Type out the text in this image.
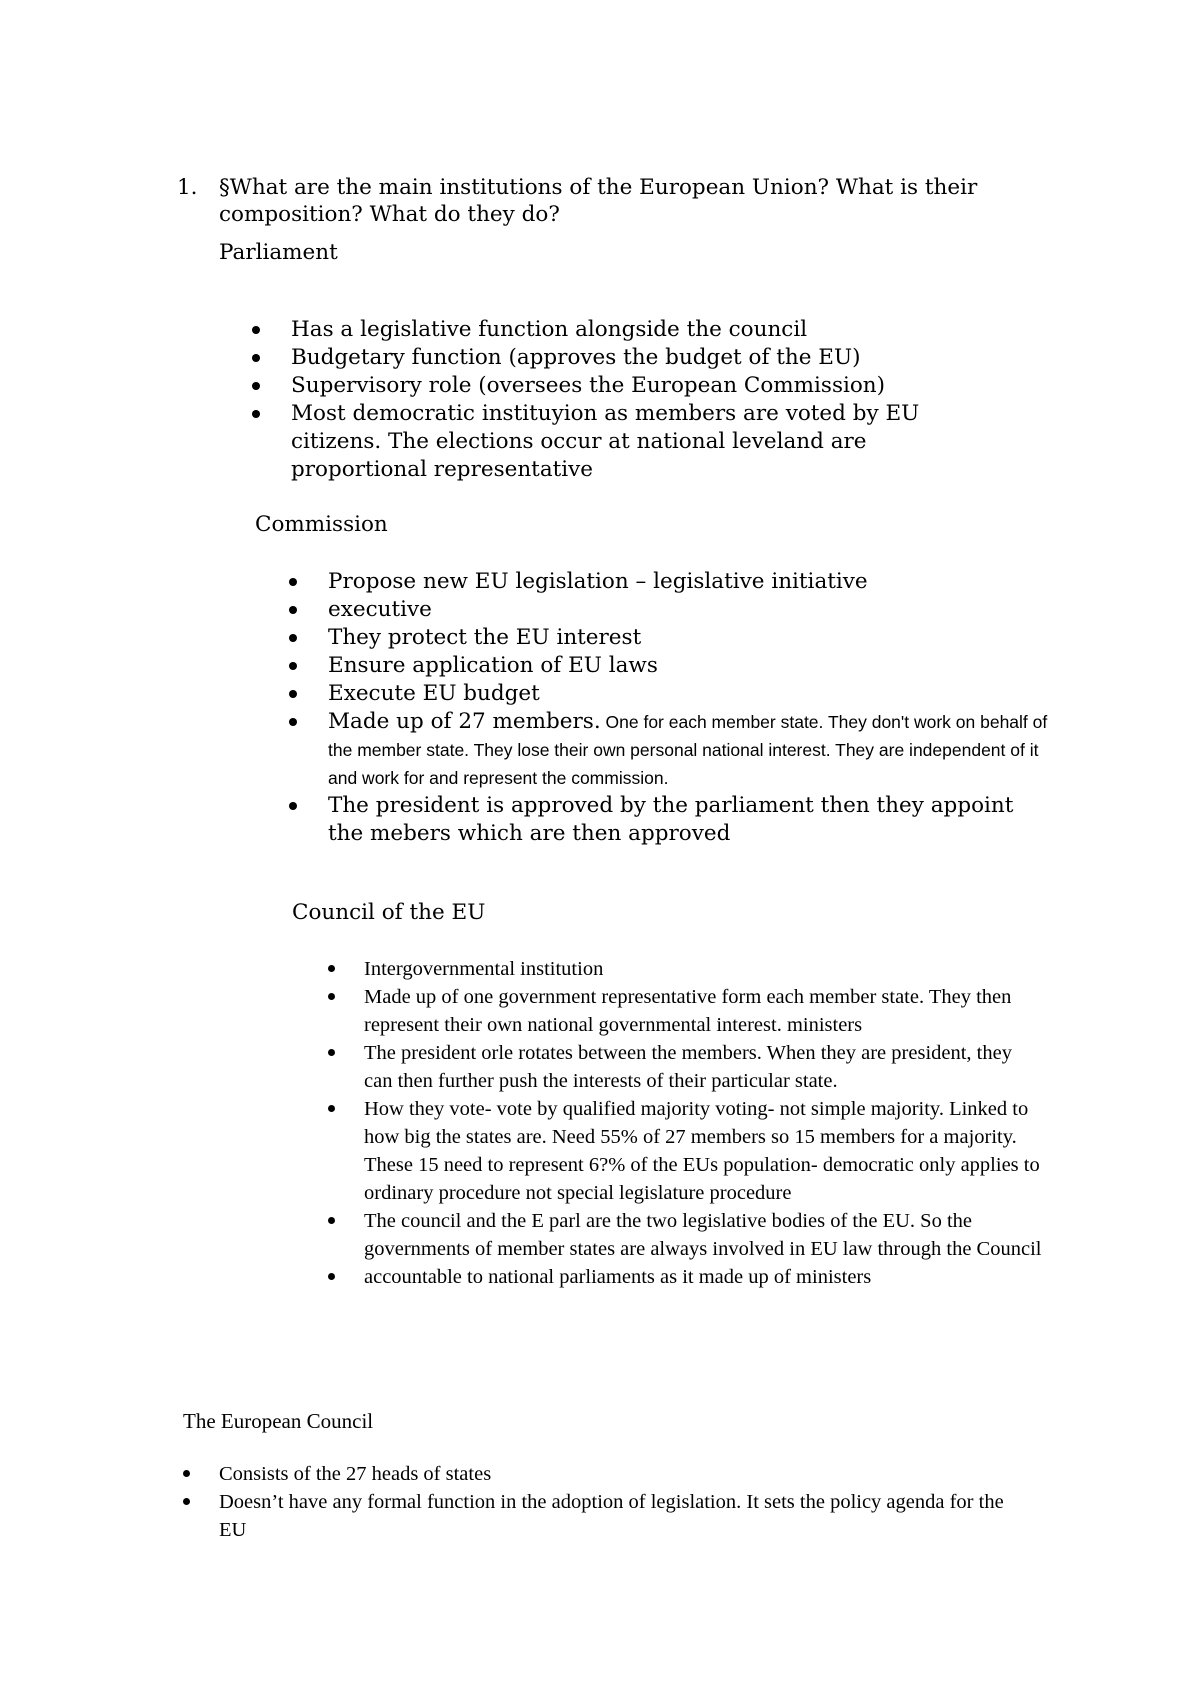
1. §What are the main institutions of the European Union? What is their composition? What do they do?
Parliament
Has a legislative function alongside the council
Budgetary function (approves the budget of the EU)
Supervisory role (oversees the European Commission)
Most democratic instituyion as members are voted by EU citizens. The elections occur at national leveland are proportional representative
Commission
Propose new EU legislation – legislative initiative
executive
They protect the EU interest
Ensure application of EU laws
Execute EU budget
Made up of 27 members. One for each member state. They don't work on behalf of the member state. They lose their own personal national interest. They are independent of it and work for and represent the commission.
The president is approved by the parliament then they appoint the mebers which are then approved
Council of the EU
Intergovernmental institution
Made up of one government representative form each member state. They then represent their own national governmental interest. ministers
The president orle rotates between the members. When they are president, they can then further push the interests of their particular state.
How they vote- vote by qualified majority voting- not simple majority. Linked to how big the states are. Need 55% of 27 members so 15 members for a majority. These 15 need to represent 6?% of the EUs population- democratic only applies to ordinary procedure not special legislature procedure
The council and the E parl are the two legislative bodies of the EU. So the governments of member states are always involved in EU law through the Council
accountable to national parliaments as it made up of ministers
The European Council
Consists of the 27 heads of states
Doesn’t have any formal function in the adoption of legislation. It sets the policy agenda for the EU
